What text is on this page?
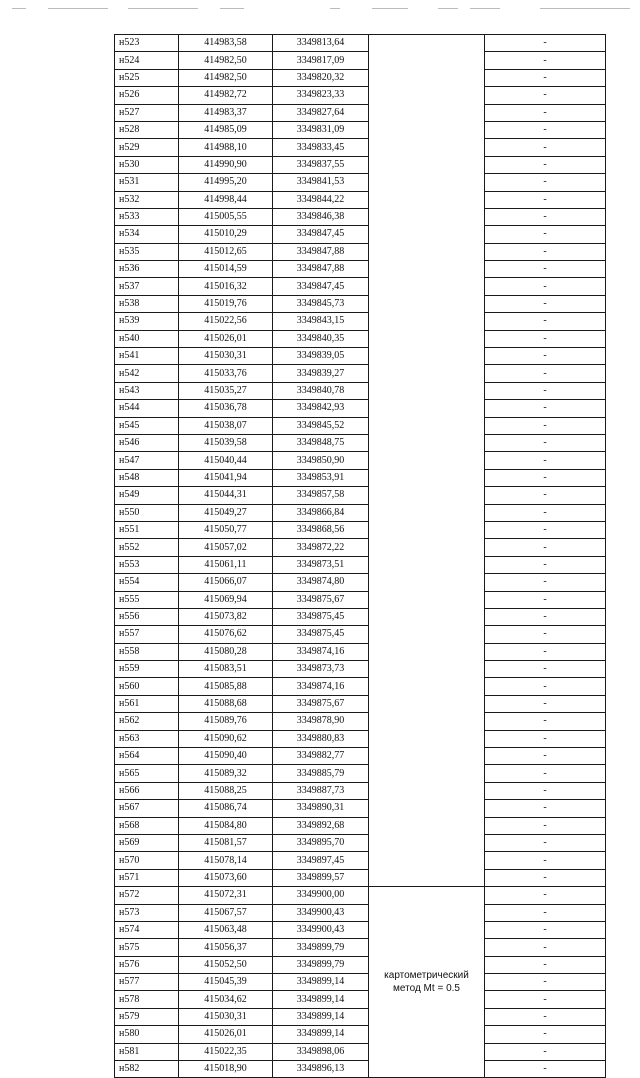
н523	414983,58	3349813,64		-
н524	414982,50	3349817,09		-
н525	414982,50	3349820,32		-
н526	414982,72	3349823,33		-
н527	414983,37	3349827,64		-
н528	414985,09	3349831,09		-
н529	414988,10	3349833,45		-
н530	414990,90	3349837,55		-
н531	414995,20	3349841,53		-
н532	414998,44	3349844,22		-
н533	415005,55	3349846,38		-
н534	415010,29	3349847,45		-
н535	415012,65	3349847,88		-
н536	415014,59	3349847,88		-
н537	415016,32	3349847,45		-
н538	415019,76	3349845,73		-
н539	415022,56	3349843,15		-
н540	415026,01	3349840,35		-
н541	415030,31	3349839,05		-
н542	415033,76	3349839,27		-
н543	415035,27	3349840,78		-
н544	415036,78	3349842,93		-
н545	415038,07	3349845,52		-
н546	415039,58	3349848,75		-
н547	415040,44	3349850,90		-
н548	415041,94	3349853,91		-
н549	415044,31	3349857,58		-
н550	415049,27	3349866,84		-
н551	415050,77	3349868,56		-
н552	415057,02	3349872,22		-
н553	415061,11	3349873,51		-
н554	415066,07	3349874,80		-
н555	415069,94	3349875,67		-
н556	415073,82	3349875,45		-
н557	415076,62	3349875,45		-
н558	415080,28	3349874,16		-
н559	415083,51	3349873,73		-
н560	415085,88	3349874,16		-
н561	415088,68	3349875,67		-
н562	415089,76	3349878,90		-
н563	415090,62	3349880,83		-
н564	415090,40	3349882,77		-
н565	415089,32	3349885,79		-
н566	415088,25	3349887,73		-
н567	415086,74	3349890,31		-
н568	415084,80	3349892,68		-
н569	415081,57	3349895,70		-
н570	415078,14	3349897,45		-
н571	415073,60	3349899,57		-
н572	415072,31	3349900,00	картометрический метод Mt = 0.5	-
н573	415067,57	3349900,43		-
н574	415063,48	3349900,43		-
н575	415056,37	3349899,79		-
н576	415052,50	3349899,79		-
н577	415045,39	3349899,14		-
н578	415034,62	3349899,14		-
н579	415030,31	3349899,14		-
н580	415026,01	3349899,14		-
н581	415022,35	3349898,06		-
н582	415018,90	3349896,13		-
